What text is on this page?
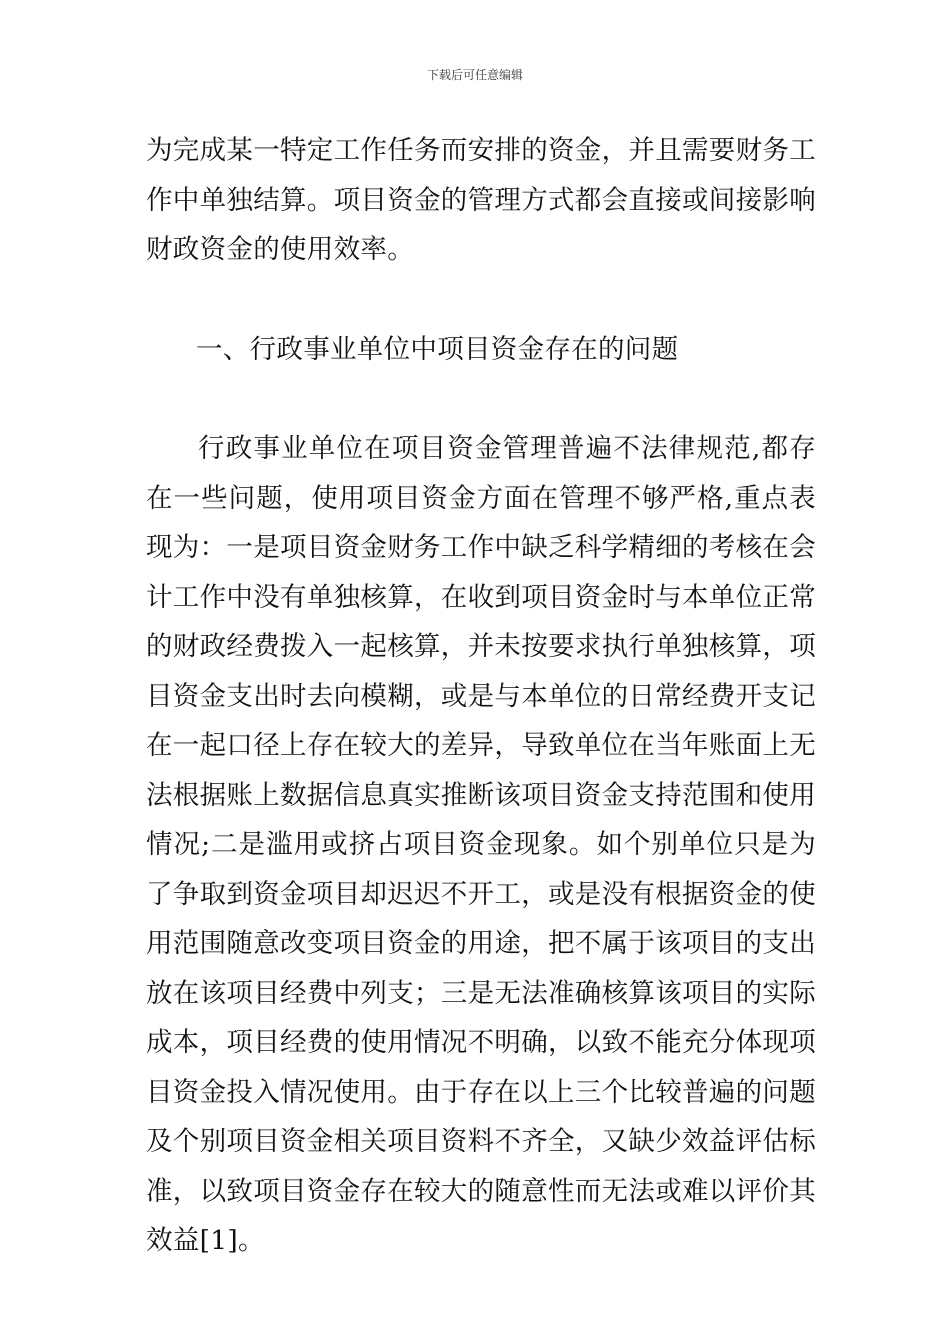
下载后可任意编辑

为完成某一特定工作任务而安排的资金，并且需要财务工作中单独结算。项目资金的管理方式都会直接或间接影响财政资金的使用效率。

一、行政事业单位中项目资金存在的问题

行政事业单位在项目资金管理普遍不法律规范,都存在一些问题，使用项目资金方面在管理不够严格,重点表现为：一是项目资金财务工作中缺乏科学精细的考核在会计工作中没有单独核算，在收到项目资金时与本单位正常的财政经费拨入一起核算，并未按要求执行单独核算，项目资金支出时去向模糊，或是与本单位的日常经费开支记在一起口径上存在较大的差异，导致单位在当年账面上无法根据账上数据信息真实推断该项目资金支持范围和使用情况;二是滥用或挤占项目资金现象。如个别单位只是为了争取到资金项目却迟迟不开工，或是没有根据资金的使用范围随意改变项目资金的用途，把不属于该项目的支出放在该项目经费中列支；三是无法准确核算该项目的实际成本，项目经费的使用情况不明确，以致不能充分体现项目资金投入情况使用。由于存在以上三个比较普遍的问题及个别项目资金相关项目资料不齐全，又缺少效益评估标准，以致项目资金存在较大的随意性而无法或难以评价其效益[1]。
